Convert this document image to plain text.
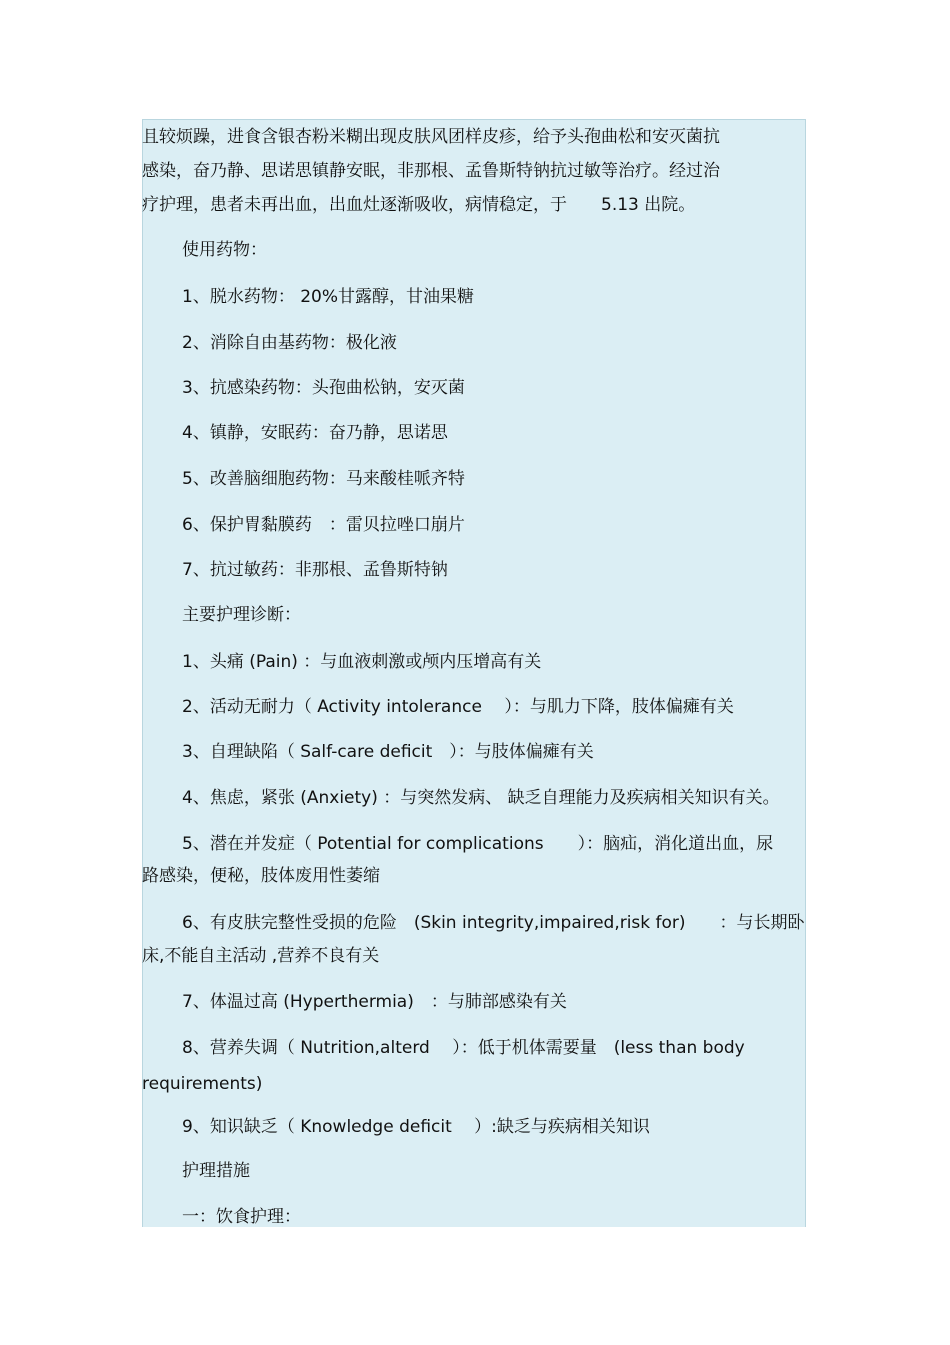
且较烦躁，进食含银杏粉米糊出现皮肤风团样皮疹，给予头孢曲松和安灭菌抗
感染，奋乃静、思诺思镇静安眠，非那根、孟鲁斯特钠抗过敏等治疗。经过治
疗护理，患者未再出血，出血灶逐渐吸收，病情稳定，于　　5.13 出院。
使用药物：
1、脱水药物： 20%甘露醇，甘油果糖
2、消除自由基药物：极化液
3、抗感染药物：头孢曲松钠，安灭菌
4、镇静，安眠药：奋乃静，思诺思
5、改善脑细胞药物：马来酸桂哌齐特
6、保护胃黏膜药　：雷贝拉唑口崩片
7、抗过敏药：非那根、孟鲁斯特钠
主要护理诊断：
1、头痛 (Pain) ：与血液刺激或颅内压增高有关
2、活动无耐力（ Activity intolerance　 ）：与肌力下降，肢体偏瘫有关
3、自理缺陷（ Salf-care deficit　）：与肢体偏瘫有关
4、焦虑，紧张 (Anxiety) ：与突然发病、 缺乏自理能力及疾病相关知识有关。
5、潜在并发症（ Potential for complications　　）：脑疝，消化道出血，尿
路感染，便秘，肢体废用性萎缩
6、有皮肤完整性受损的危险　(Skin integrity,impaired,risk for)　　：与长期卧
床,不能自主活动 ,营养不良有关
7、体温过高 (Hyperthermia)　：与肺部感染有关
8、营养失调（ Nutrition,alterd　 ）：低于机体需要量　(less than body
requirements)
9、知识缺乏（ Knowledge deficit　 ）:缺乏与疾病相关知识
护理措施
一：饮食护理：
